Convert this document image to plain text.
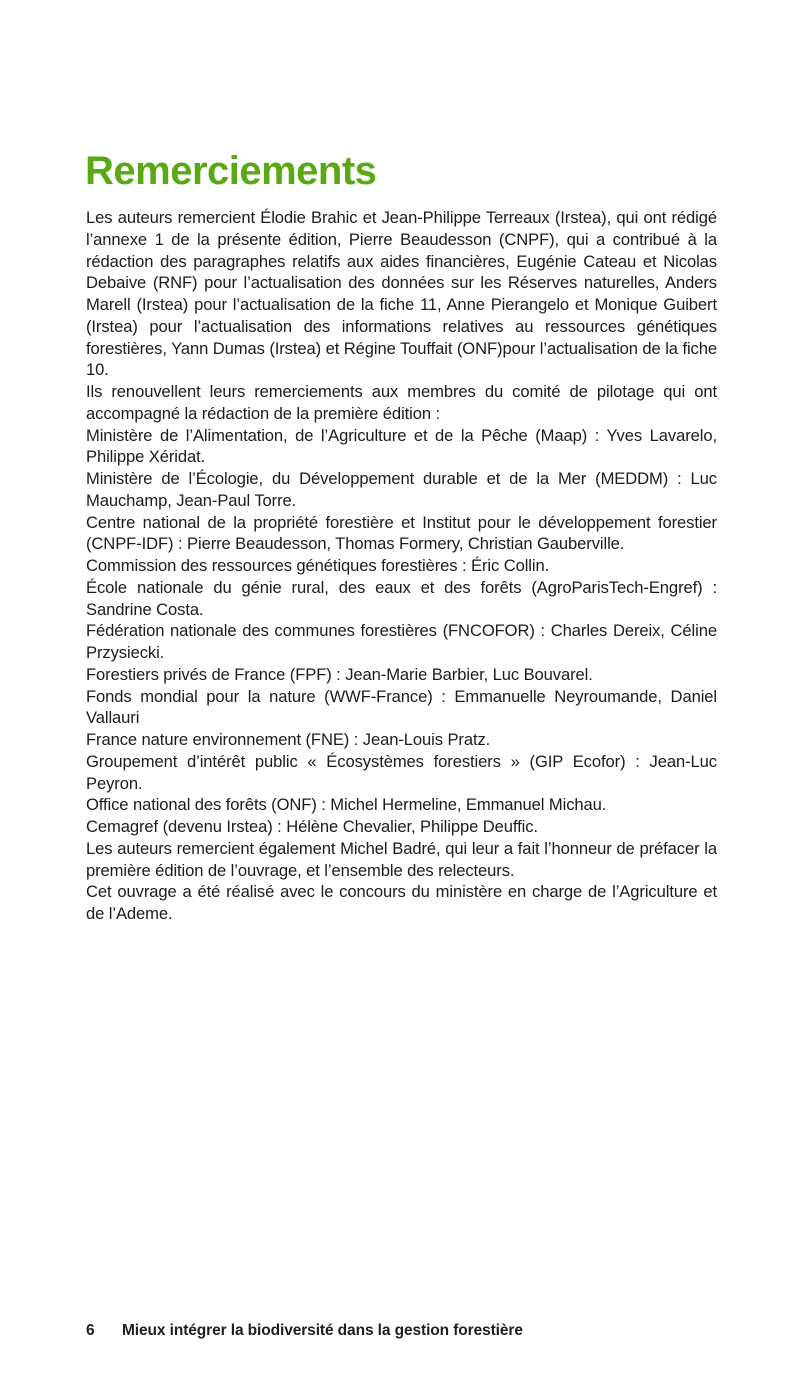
Remerciements

Les auteurs remercient Élodie Brahic et Jean-Philippe Terreaux (Irstea), qui ont rédigé l’annexe 1 de la présente édition, Pierre Beaudesson (CNPF), qui a contribué à la rédaction des paragraphes relatifs aux aides financières, Eugénie Cateau et Nicolas Debaive (RNF) pour l’actualisation des données sur les Réserves naturelles, Anders Marell (Irstea) pour l’actualisation de la fiche 11, Anne Pierangelo et Monique Guibert (Irstea) pour l’actualisation des informations relatives au ressources génétiques forestières, Yann Dumas (Irstea) et Régine Touffait (ONF)pour l’actualisation de la fiche 10.

Ils renouvellent leurs remerciements aux membres du comité de pilotage qui ont accompagné la rédaction de la première édition :

Ministère de l’Alimentation, de l’Agriculture et de la Pêche (Maap) : Yves Lavarelo, Philippe Xéridat.

Ministère de l’Écologie, du Développement durable et de la Mer (MEDDM) : Luc Mauchamp, Jean-Paul Torre.

Centre national de la propriété forestière et Institut pour le développement forestier (CNPF-IDF) : Pierre Beaudesson, Thomas Formery, Christian Gauberville.

Commission des ressources génétiques forestières : Éric Collin.

École nationale du génie rural, des eaux et des forêts (AgroParisTech-Engref) : Sandrine Costa.

Fédération nationale des communes forestières (FNCOFOR) : Charles Dereix, Céline Przysiecki.

Forestiers privés de France (FPF) : Jean-Marie Barbier, Luc Bouvarel.

Fonds mondial pour la nature (WWF-France) : Emmanuelle Neyroumande, Daniel Vallauri

France nature environnement (FNE) : Jean-Louis Pratz.

Groupement d’intérêt public « Écosystèmes forestiers » (GIP Ecofor) : Jean-Luc Peyron.

Office national des forêts (ONF) : Michel Hermeline, Emmanuel Michau.

Cemagref (devenu Irstea) : Hélène Chevalier, Philippe Deuffic.

Les auteurs remercient également Michel Badré, qui leur a fait l’honneur de préfacer la première édition de l’ouvrage, et l’ensemble des relecteurs.

Cet ouvrage a été réalisé avec le concours du ministère en charge de l’Agriculture et de l’Ademe.

6	Mieux intégrer la biodiversité dans la gestion forestière
